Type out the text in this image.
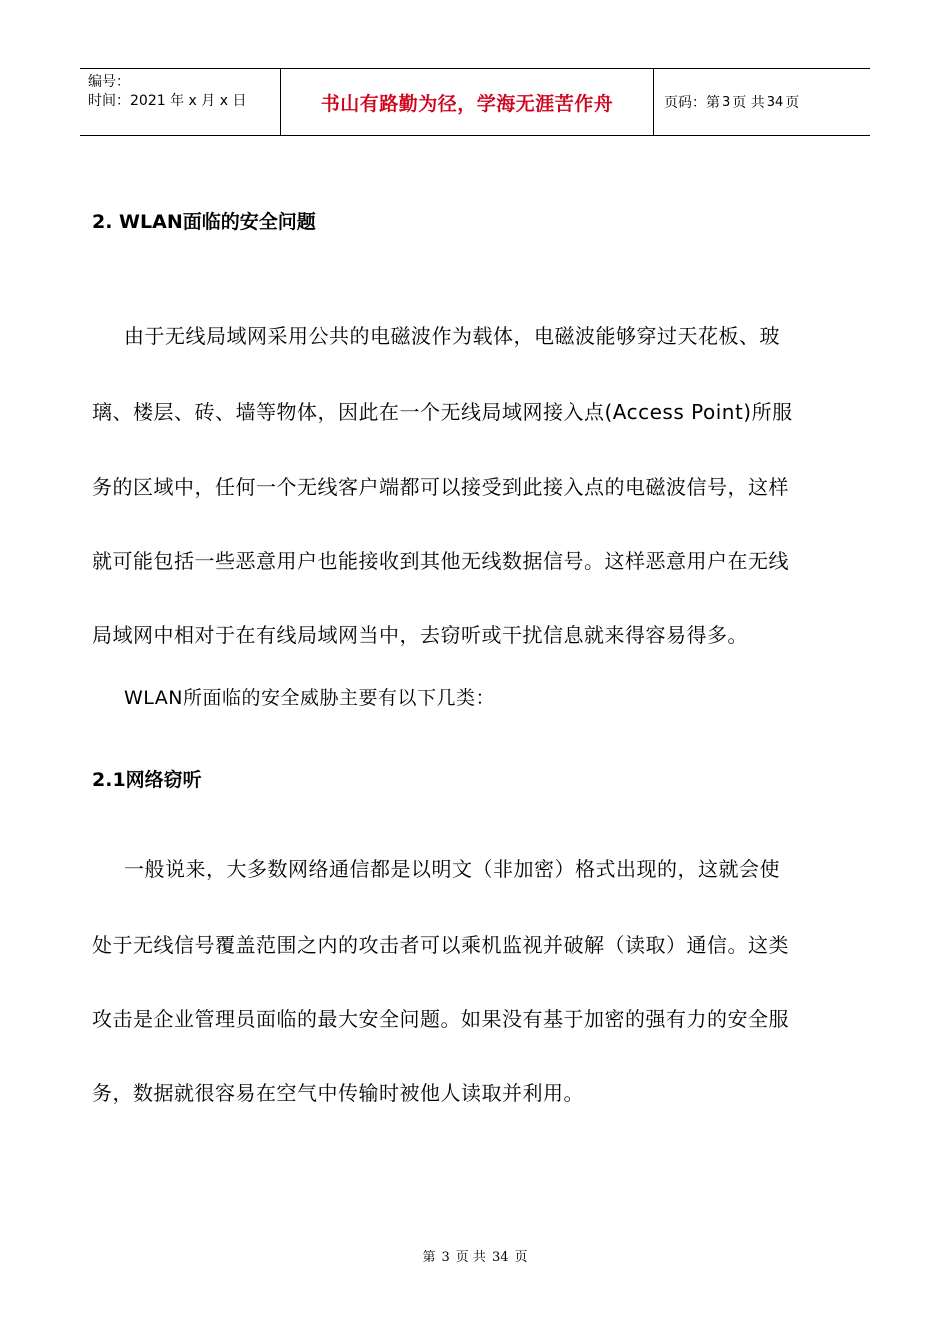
编号：
时间：2021 年 x 月 x 日	书山有路勤为径，学海无涯苦作舟	页码：第 3 页 共 34 页
2. WLAN面临的安全问题
由于无线局域网采用公共的电磁波作为载体，电磁波能够穿过天花板、玻
璃、楼层、砖、墙等物体，因此在一个无线局域网接入点(Access Point)所服
务的区域中，任何一个无线客户端都可以接受到此接入点的电磁波信号，这样
就可能包括一些恶意用户也能接收到其他无线数据信号。这样恶意用户在无线
局域网中相对于在有线局域网当中，去窃听或干扰信息就来得容易得多。
WLAN所面临的安全威胁主要有以下几类：
2.1网络窃听
一般说来，大多数网络通信都是以明文（非加密）格式出现的，这就会使
处于无线信号覆盖范围之内的攻击者可以乘机监视并破解（读取）通信。这类
攻击是企业管理员面临的最大安全问题。如果没有基于加密的强有力的安全服
务，数据就很容易在空气中传输时被他人读取并利用。
第 3 页 共 34 页
